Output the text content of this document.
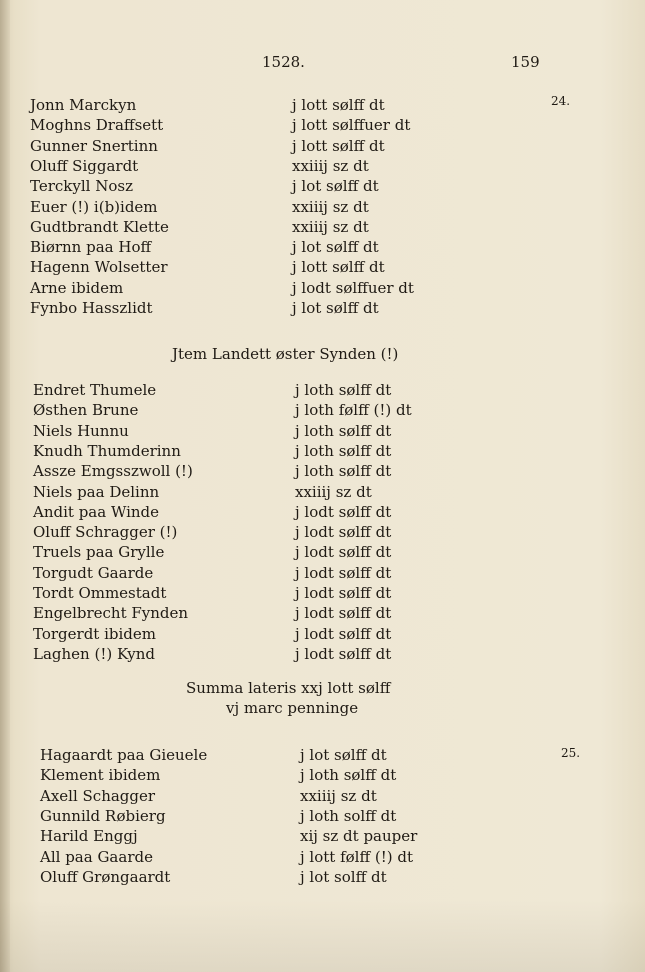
1528.	159
24.
25.
Jonn Marckyn	j lott sølff dt
Moghns Draffsett	j lott sølffuer dt
Gunner Snertinn	j lott sølff dt
Oluff Siggardt	xxiiij sz dt
Terckyll Nosz	j lot sølff dt
Euer (!) i(b)idem	xxiiij sz dt
Gudtbrandt Klette	xxiiij sz dt
Biørnn paa Hoff	j lot sølff dt
Hagenn Wolsetter	j lott sølff dt
Arne ibidem	j lodt sølffuer dt
Fynbo Hasszlidt	j lot sølff dt
Jtem Landett øster Synden (!)
Endret Thumele	j loth sølff dt
Østhen Brune	j loth følff (!) dt
Niels Hunnu	j loth sølff dt
Knudh Thumderinn	j loth sølff dt
Assze Emgsszwoll (!)	j loth sølff dt
Niels paa Delinn	xxiiij sz dt
Andit paa Winde	j lodt sølff dt
Oluff Schragger (!)	j lodt sølff dt
Truels paa Grylle	j lodt sølff dt
Torgudt Gaarde	j lodt sølff dt
Tordt Ommestadt	j lodt sølff dt
Engelbrecht Fynden	j lodt sølff dt
Torgerdt ibidem	j lodt sølff dt
Laghen (!) Kynd	j lodt sølff dt
Summa lateris xxj lott sølff
vj marc penninge
Hagaardt paa Gieuele	j lot sølff dt
Klement ibidem	j loth sølff dt
Axell Schagger	xxiiij sz dt
Gunnild Røbierg	j loth solff dt
Harild Enggj	xij sz dt pauper
All paa Gaarde	j lott følff (!) dt
Oluff Grøngaardt	j lot solff dt
